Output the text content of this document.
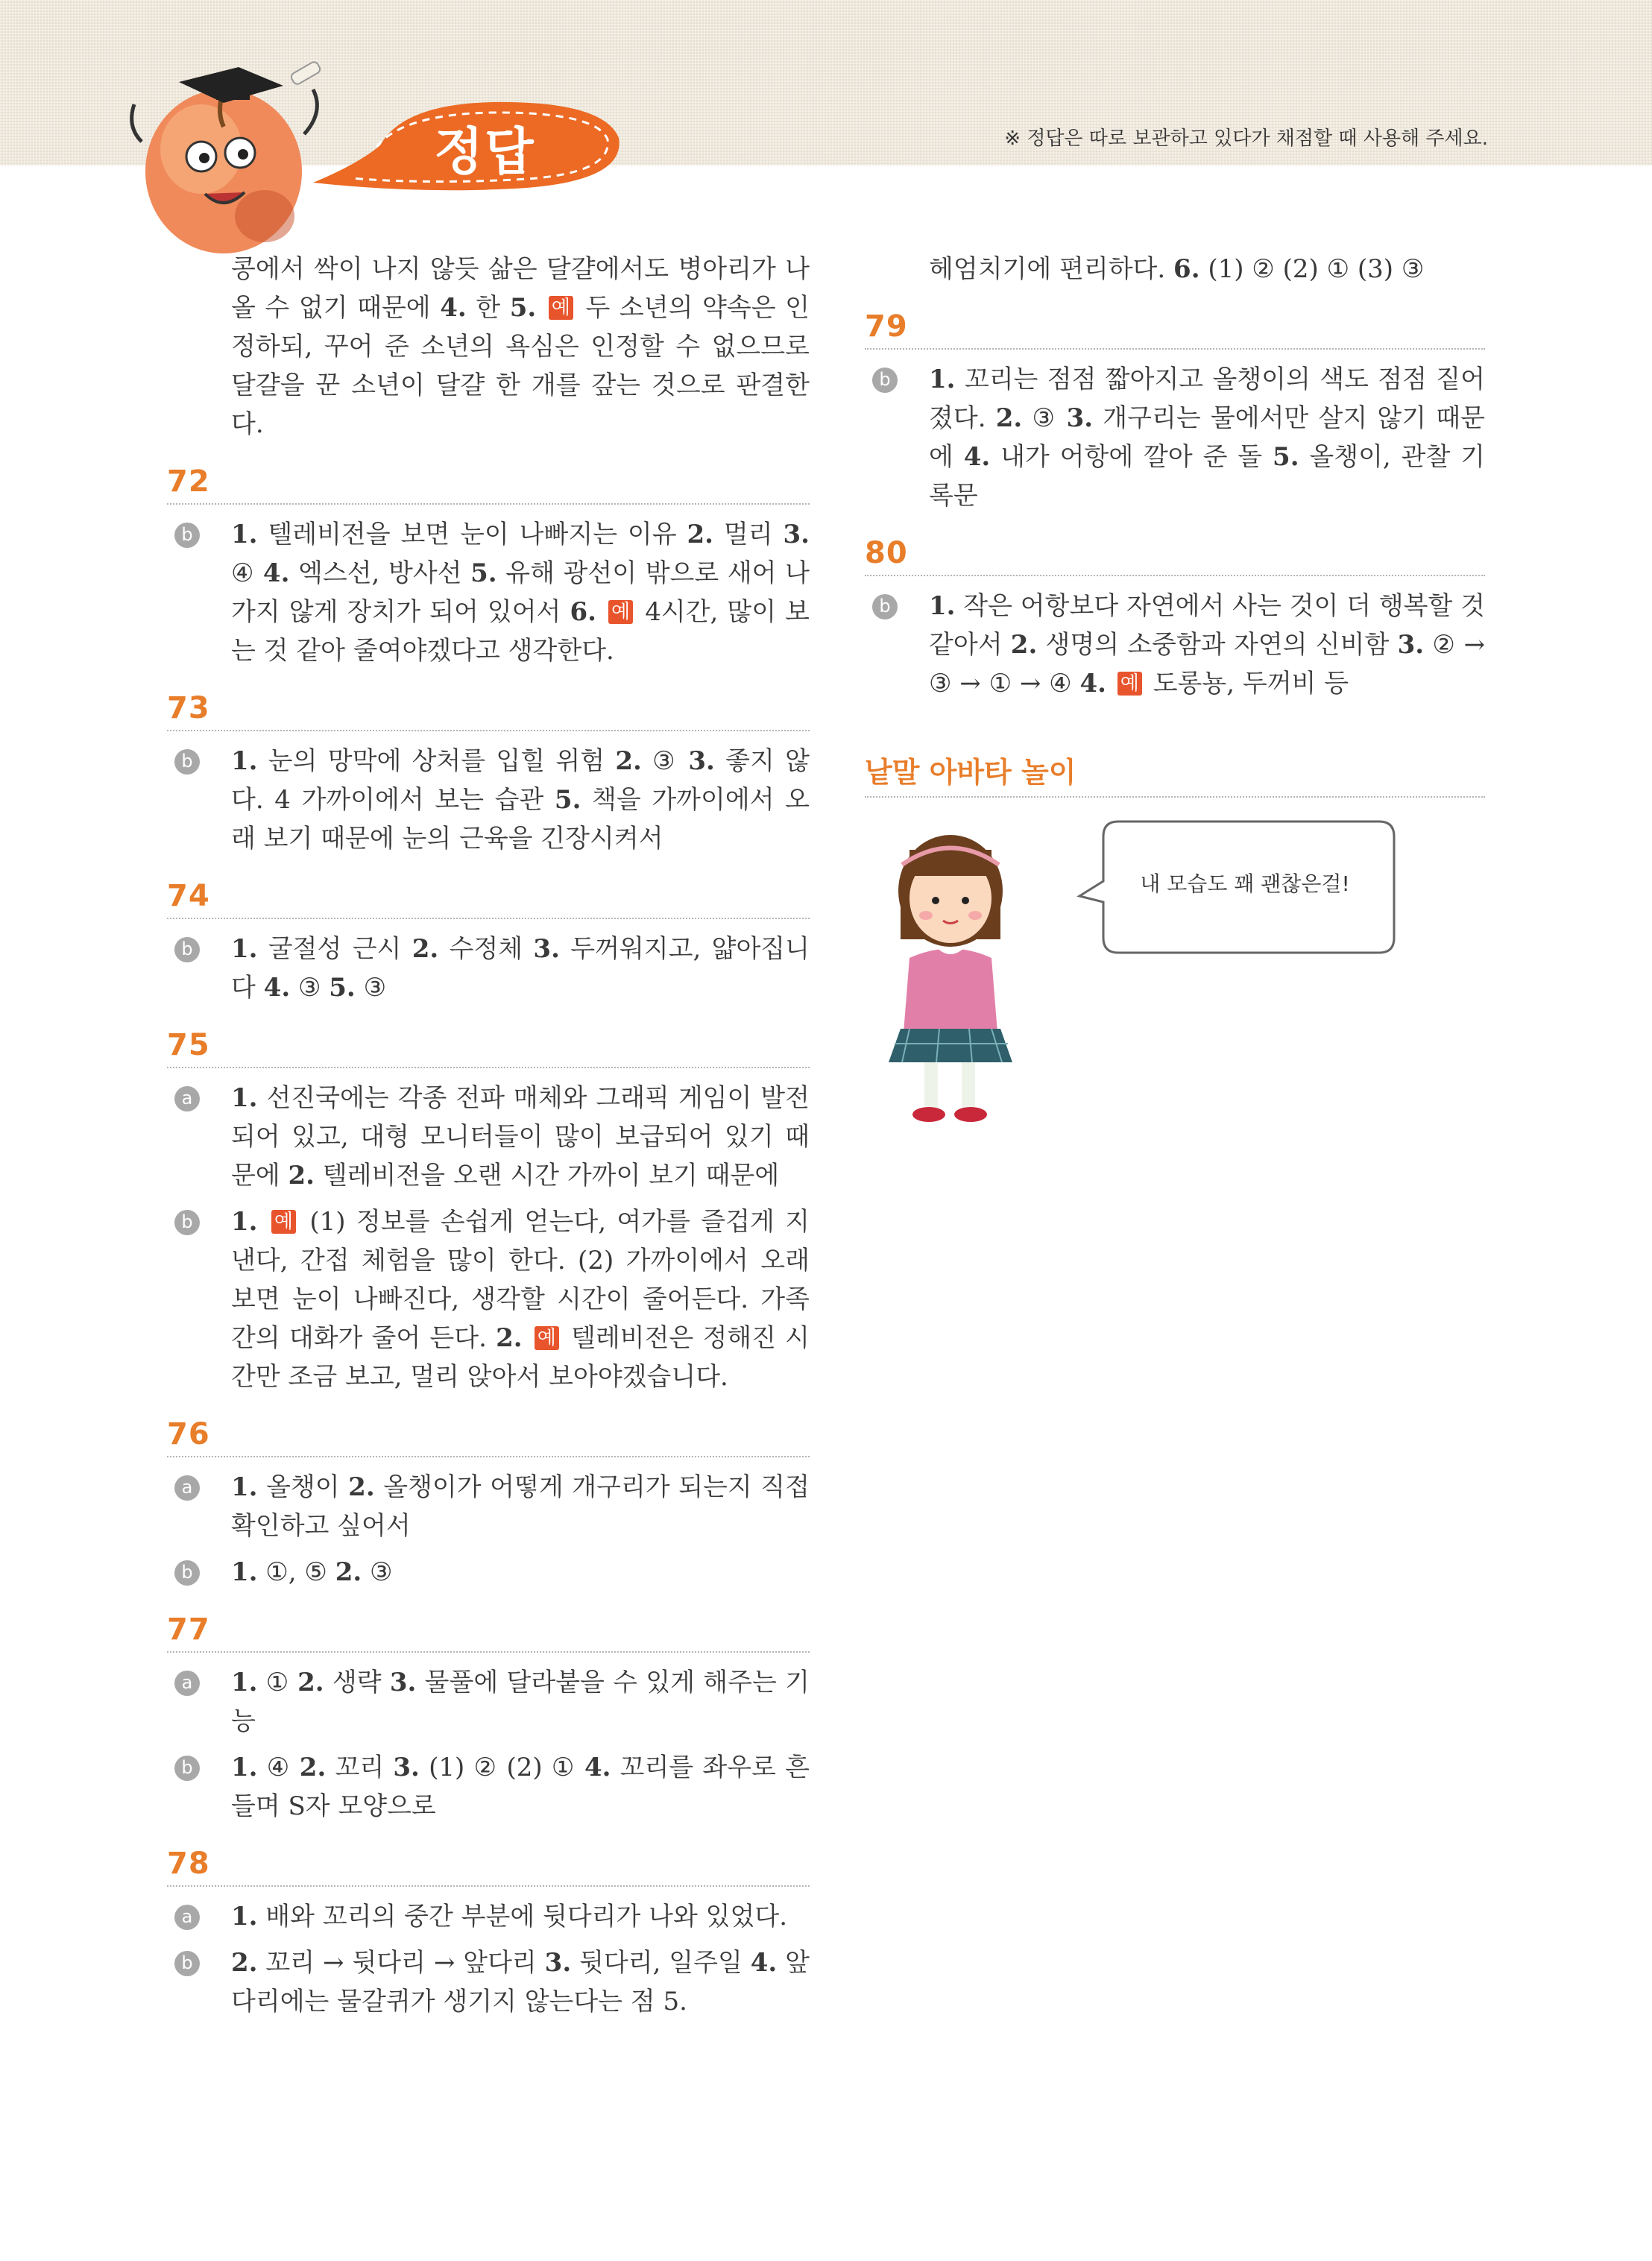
※ 정답은 따로 보관하고 있다가 채점할 때 사용해 주세요.
정답
콩에서 싹이 나지 않듯 삶은 달걀에서도 병아리가 나올 수 없기 때문에 4. 한 5. 예 두 소년의 약속은 인정하되, 꾸어 준 소년의 욕심은 인정할 수 없으므로 달걀을 꾼 소년이 달걀 한 개를 갚는 것으로 판결한다.
72
b 1. 텔레비전을 보면 눈이 나빠지는 이유 2. 멀리 3. ④ 4. 엑스선, 방사선 5. 유해 광선이 밖으로 새어 나가지 않게 장치가 되어 있어서 6. 예 4시간, 많이 보는 것 같아 줄여야겠다고 생각한다.
73
b 1. 눈의 망막에 상처를 입힐 위험 2. ③ 3. 좋지 않다. 4 가까이에서 보는 습관 5. 책을 가까이에서 오래 보기 때문에 눈의 근육을 긴장시켜서
74
b 1. 굴절성 근시 2. 수정체 3. 두꺼워지고, 얇아집니다 4. ③ 5. ③
75
a 1. 선진국에는 각종 전파 매체와 그래픽 게임이 발전되어 있고, 대형 모니터들이 많이 보급되어 있기 때문에 2. 텔레비전을 오랜 시간 가까이 보기 때문에
b 1. 예 (1) 정보를 손쉽게 얻는다, 여가를 즐겁게 지낸다, 간접 체험을 많이 한다. (2) 가까이에서 오래 보면 눈이 나빠진다, 생각할 시간이 줄어든다. 가족간의 대화가 줄어 든다. 2. 예 텔레비전은 정해진 시간만 조금 보고, 멀리 앉아서 보아야겠습니다.
76
a 1. 올챙이 2. 올챙이가 어떻게 개구리가 되는지 직접 확인하고 싶어서
b 1. ①, ⑤ 2. ③
77
a 1. ① 2. 생략 3. 물풀에 달라붙을 수 있게 해주는 기능
b 1. ④ 2. 꼬리 3. (1) ② (2) ① 4. 꼬리를 좌우로 흔들며 S자 모양으로
78
a 1. 배와 꼬리의 중간 부분에 뒷다리가 나와 있었다.
b 2. 꼬리 → 뒷다리 → 앞다리 3. 뒷다리, 일주일 4. 앞다리에는 물갈퀴가 생기지 않는다는 점 5.
헤엄치기에 편리하다. 6. (1) ② (2) ① (3) ③
79
b 1. 꼬리는 점점 짧아지고 올챙이의 색도 점점 짙어졌다. 2. ③ 3. 개구리는 물에서만 살지 않기 때문에 4. 내가 어항에 깔아 준 돌 5. 올챙이, 관찰 기록문
80
b 1. 작은 어항보다 자연에서 사는 것이 더 행복할 것 같아서 2. 생명의 소중함과 자연의 신비함 3. ② → ③ → ① → ④ 4. 예 도롱뇽, 두꺼비 등
낱말 아바타 놀이
내 모습도 꽤 괜찮은걸!
